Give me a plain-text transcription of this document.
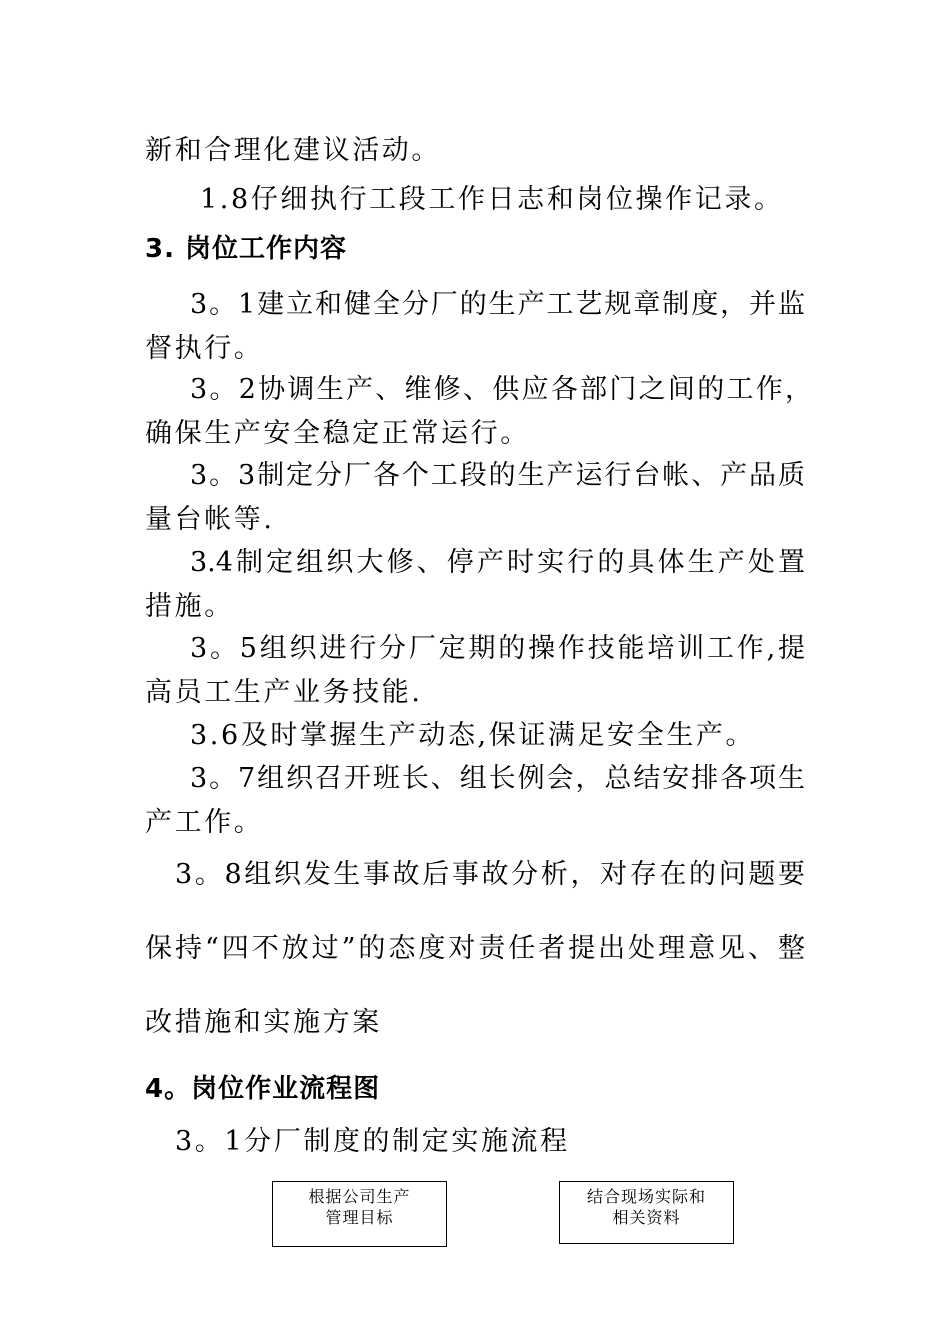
新和合理化建议活动。
1.8仔细执行工段工作日志和岗位操作记录。
3. 岗位工作内容
3。1建立和健全分厂的生产工艺规章制度，并监
督执行。
3。2协调生产、维修、供应各部门之间的工作，
确保生产安全稳定正常运行。
3。3制定分厂各个工段的生产运行台帐、产品质
量台帐等.
3.4制定组织大修、停产时实行的具体生产处置
措施。
3。5组织进行分厂定期的操作技能培训工作,提
高员工生产业务技能.
3.6及时掌握生产动态,保证满足安全生产。
3。7组织召开班长、组长例会，总结安排各项生
产工作。
3。8组织发生事故后事故分析，对存在的问题要
保持“四不放过”的态度对责任者提出处理意见、整
改措施和实施方案
4。岗位作业流程图
3。1分厂制度的制定实施流程
根据公司生产
管理目标
结合现场实际和
相关资料
